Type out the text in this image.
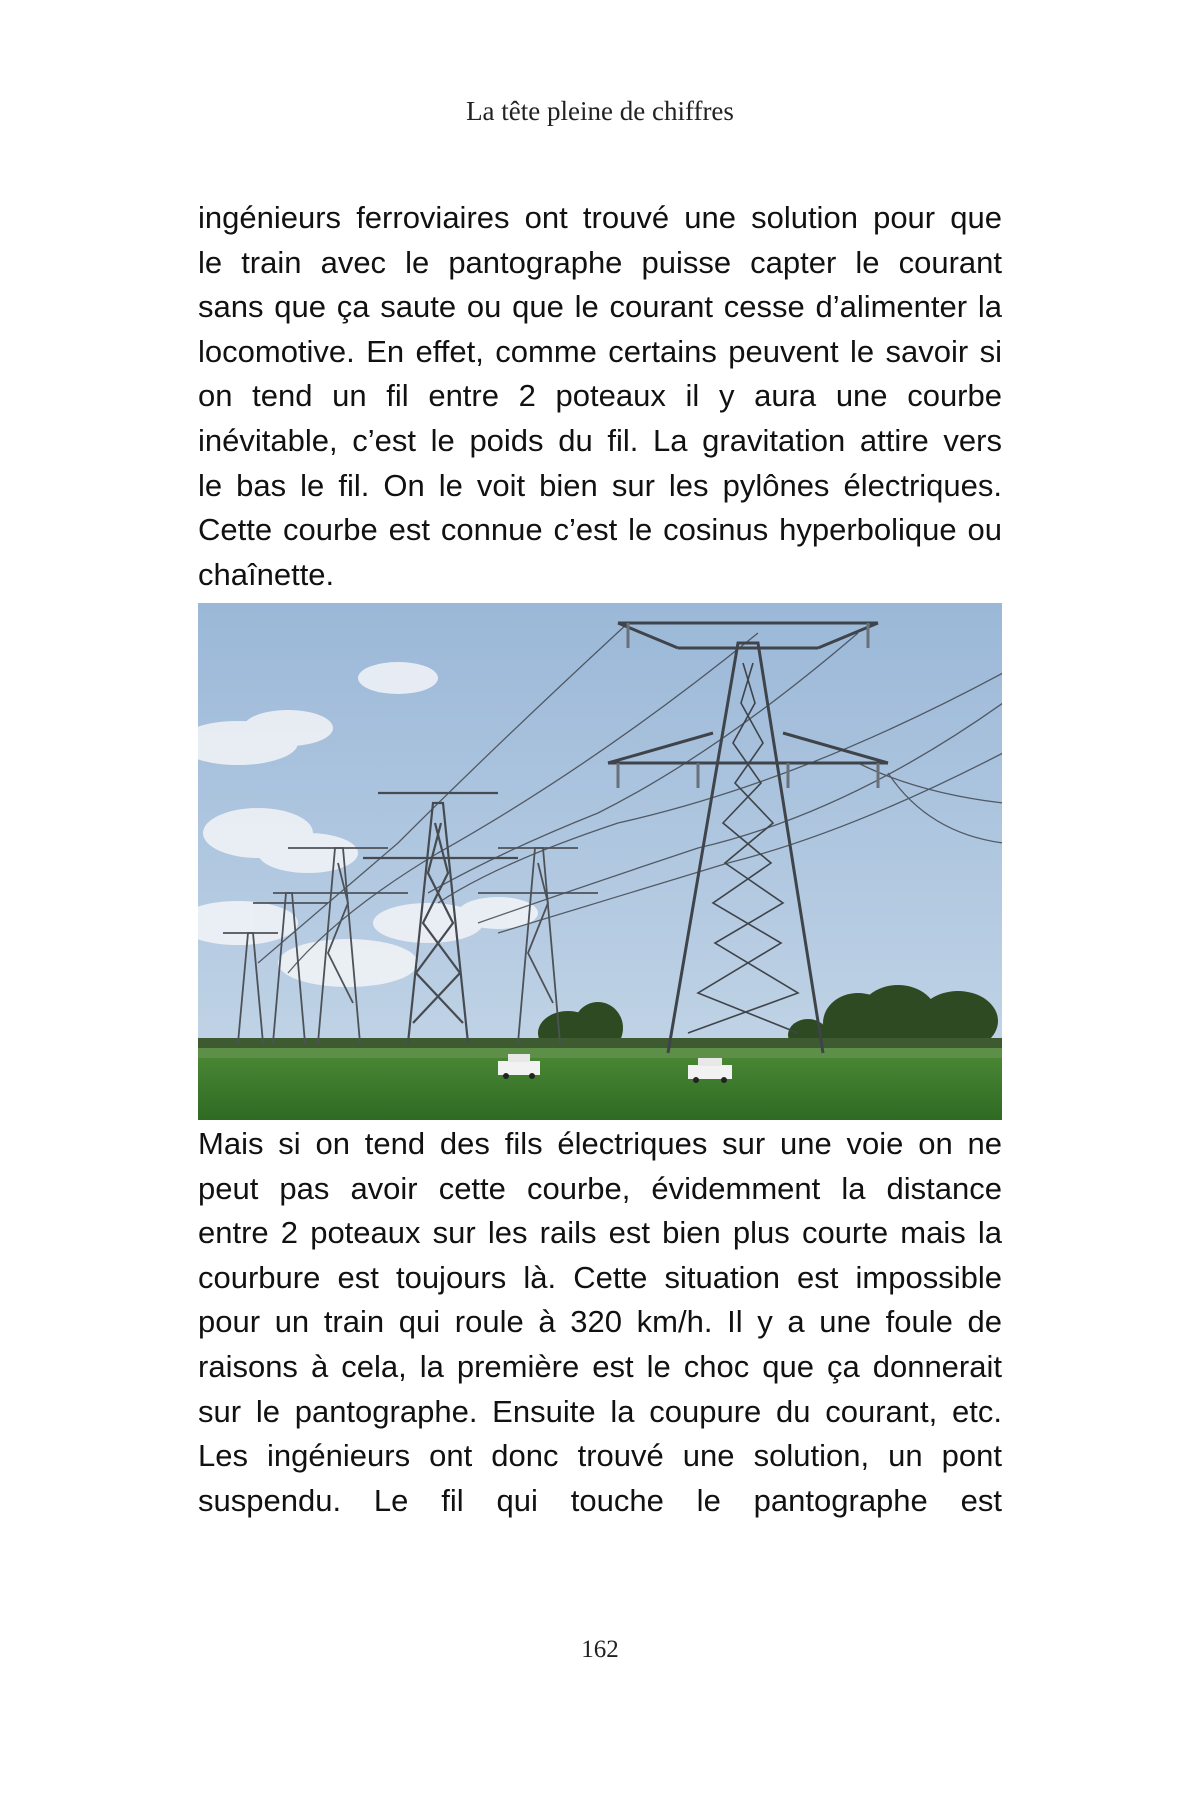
La tête pleine de chiffres
ingénieurs ferroviaires ont trouvé une solution pour que
le train avec le pantographe puisse capter le courant
sans que ça saute ou que le courant cesse d’alimenter la
locomotive. En effet, comme certains peuvent le savoir si
on tend un fil entre 2 poteaux il y aura une courbe
inévitable, c’est le poids du fil. La gravitation attire vers
le bas le fil. On le voit bien sur les pylônes électriques.
Cette courbe est connue c’est le cosinus hyperbolique ou
chaînette.
Mais si on tend des fils électriques sur une voie on ne
peut pas avoir cette courbe, évidemment la distance
entre 2 poteaux sur les rails est bien plus courte mais la
courbure est toujours là. Cette situation est impossible
pour un train qui roule à 320 km/h. Il y a une foule de
raisons à cela, la première est le choc que ça donnerait
sur le pantographe. Ensuite la coupure du courant, etc.
Les ingénieurs ont donc trouvé une solution, un pont
suspendu. Le fil qui touche le pantographe est
162
